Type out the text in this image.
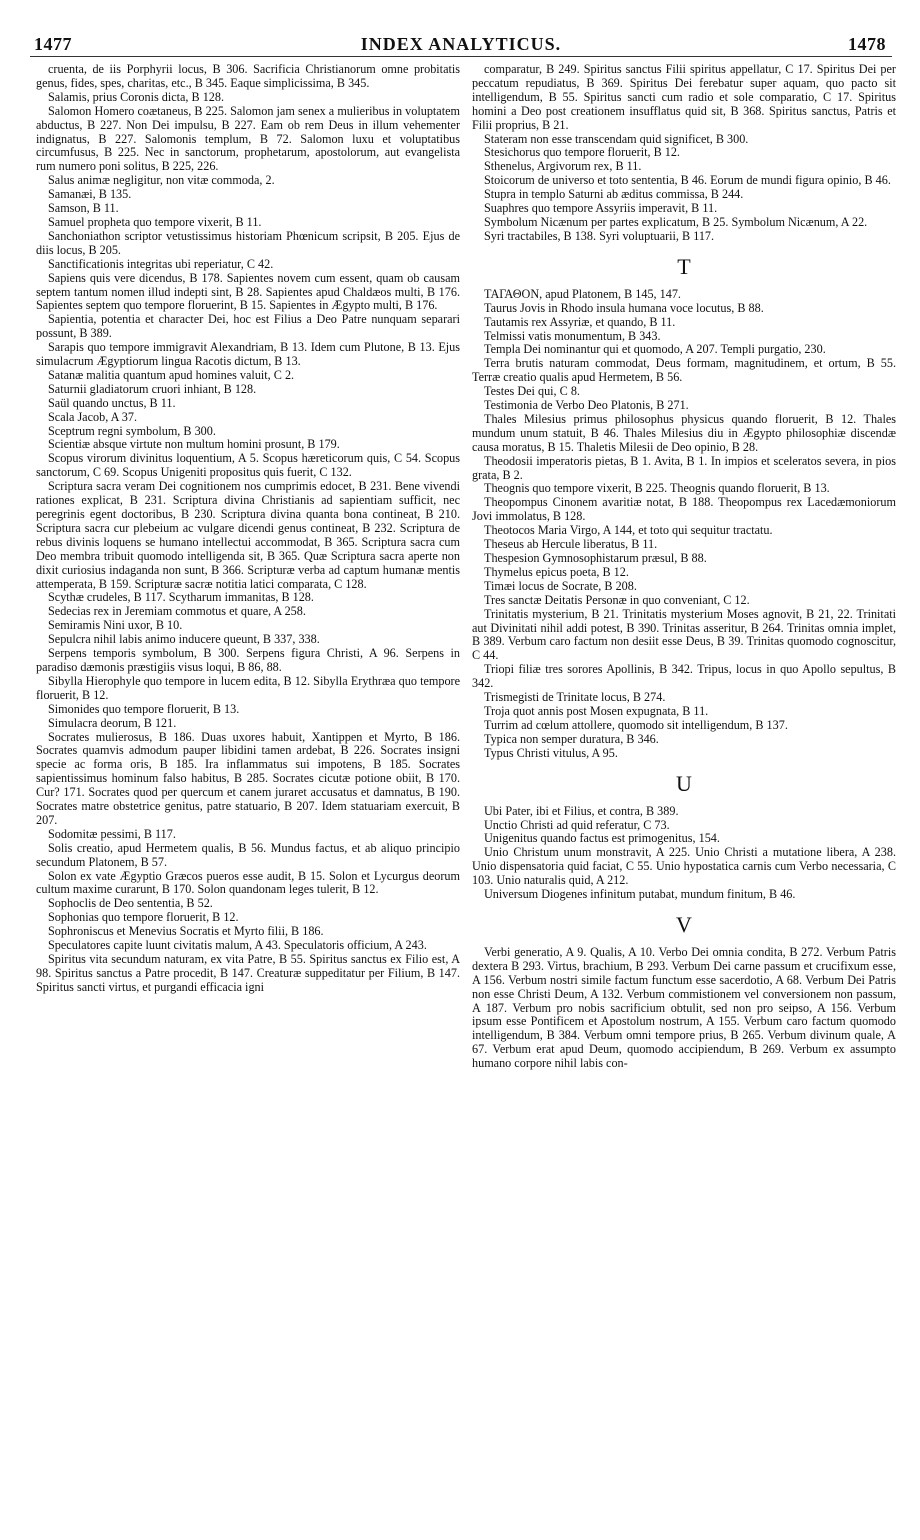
1477	INDEX ANALYTICUS.	1478

cruenta, de iis Porphyrii locus, B 306. Sacrificia Christianorum omne probitatis genus, fides, spes, charitas, etc., B 345. Eaque simplicissima, B 345.

Salamis, prius Coronis dicta, B 128.

Salomon Homero coætaneus, B 225. Salomon jam senex a mulieribus in voluptatem abductus, B 227. Non Dei impulsu, B 227. Eam ob rem Deus in illum vehementer indignatus, B 227. Salomonis templum, B 72. Salomon luxu et voluptatibus circumfusus, B 225. Nec in sanctorum, prophetarum, apostolorum, aut evangelista rum numero poni solitus, B 225, 226.

Salus animæ negligitur, non vitæ commoda, 2.

Samanæi, B 135.

Samson, B 11.

Samuel propheta quo tempore vixerit, B 11.

Sanchoniathon scriptor vetustissimus historiam Phœnicum scripsit, B 205. Ejus de diis locus, B 205.

Sanctificationis integritas ubi reperiatur, C 42.

Sapiens quis vere dicendus, B 178. Sapientes novem cum essent, quam ob causam septem tantum nomen illud indepti sint, B 28. Sapientes apud Chaldæos multi, B 176. Sapientes septem quo tempore floruerint, B 15. Sapientes in Ægypto multi, B 176.

Sapientia, potentia et character Dei, hoc est Filius a Deo Patre nunquam separari possunt, B 389.

Sarapis quo tempore immigravit Alexandriam, B 13. Idem cum Plutone, B 13. Ejus simulacrum Ægyptiorum lingua Racotis dictum, B 13.

Satanæ malitia quantum apud homines valuit, C 2.

Saturnii gladiatorum cruori inhiant, B 128.

Saül quando unctus, B 11.

Scala Jacob, A 37.

Sceptrum regni symbolum, B 300.

Scientiæ absque virtute non multum homini prosunt, B 179.

Scopus virorum divinitus loquentium, A 5. Scopus hæreticorum quis, C 54. Scopus sanctorum, C 69. Scopus Unigeniti propositus quis fuerit, C 132.

Scriptura sacra veram Dei cognitionem nos cumprimis edocet, B 231. Bene vivendi rationes explicat, B 231. Scriptura divina Christianis ad sapientiam sufficit, nec peregrinis egent doctoribus, B 230. Scriptura divina quanta bona contineat, B 210. Scriptura sacra cur plebeium ac vulgare dicendi genus contineat, B 232. Scriptura de rebus divinis loquens se humano intellectui accommodat, B 365. Scriptura sacra cum Deo membra tribuit quomodo intelligenda sit, B 365. Quæ Scriptura sacra aperte non dixit curiosius indaganda non sunt, B 366. Scripturæ verba ad captum humanæ mentis attemperata, B 159. Scripturæ sacræ notitia latici comparata, C 128.

Scythæ crudeles, B 117. Scytharum immanitas, B 128.

Sedecias rex in Jeremiam commotus et quare, A 258.

Semiramis Nini uxor, B 10.

Sepulcra nihil labis animo inducere queunt, B 337, 338.

Serpens temporis symbolum, B 300. Serpens figura Christi, A 96. Serpens in paradiso dæmonis præstigiis visus loqui, B 86, 88.

Sibylla Hierophyle quo tempore in lucem edita, B 12. Sibylla Erythræa quo tempore floruerit, B 12.

Simonides quo tempore floruerit, B 13.

Simulacra deorum, B 121.

Socrates mulierosus, B 186. Duas uxores habuit, Xantippen et Myrto, B 186. Socrates quamvis admodum pauper libidini tamen ardebat, B 226. Socrates insigni specie ac forma oris, B 185. Ira inflammatus sui impotens, B 185. Socrates sapientissimus hominum falso habitus, B 285. Socrates cicutæ potione obiit, B 170. Cur? 171. Socrates quod per quercum et canem juraret accusatus et damnatus, B 190. Socrates matre obstetrice genitus, patre statuario, B 207. Idem statuariam exercuit, B 207.

Sodomitæ pessimi, B 117.

Solis creatio, apud Hermetem qualis, B 56. Mundus factus, et ab aliquo principio secundum Platonem, B 57.

Solon ex vate Ægyptio Græcos pueros esse audit, B 15. Solon et Lycurgus deorum cultum maxime curarunt, B 170. Solon quandonam leges tulerit, B 12.

Sophoclis de Deo sententia, B 52.

Sophonias quo tempore floruerit, B 12.

Sophroniscus et Menevius Socratis et Myrto filii, B 186.

Speculatores capite luunt civitatis malum, A 43. Speculatoris officium, A 243.

Spiritus vita secundum naturam, ex vita Patre, B 55. Spiritus sanctus ex Filio est, A 98. Spiritus sanctus a Patre procedit, B 147. Creaturæ suppeditatur per Filium, B 147. Spiritus sancti virtus, et purgandi efficacia igni

comparatur, B 249. Spiritus sanctus Filii spiritus appellatur, C 17. Spiritus Dei per peccatum repudiatus, B 369. Spiritus Dei ferebatur super aquam, quo pacto sit intelligendum, B 55. Spiritus sancti cum radio et sole comparatio, C 17. Spiritus homini a Deo post creationem insufflatus quid sit, B 368. Spiritus sanctus, Patris et Filii proprius, B 21.

Stateram non esse transcendam quid significet, B 300.

Stesichorus quo tempore floruerit, B 12.

Sthenelus, Argivorum rex, B 11.

Stoicorum de universo et toto sententia, B 46. Eorum de mundi figura opinio, B 46.

Stupra in templo Saturni ab æditus commissa, B 244.

Suaphres quo tempore Assyriis imperavit, B 11.

Symbolum Nicænum per partes explicatum, B 25. Symbolum Nicænum, A 22.

Syri tractabiles, B 138. Syri voluptuarii, B 117.

T

ΤΑΓΑΘΟΝ, apud Platonem, B 145, 147.

Taurus Jovis in Rhodo insula humana voce locutus, B 88.

Tautamis rex Assyriæ, et quando, B 11.

Telmissi vatis monumentum, B 343.

Templa Dei nominantur qui et quomodo, A 207. Templi purgatio, 230.

Terra brutis naturam commodat, Deus formam, magnitudinem, et ortum, B 55. Terræ creatio qualis apud Hermetem, B 56.

Testes Dei qui, C 8.

Testimonia de Verbo Deo Platonis, B 271.

Thales Milesius primus philosophus physicus quando floruerit, B 12. Thales mundum unum statuit, B 46. Thales Milesius diu in Ægypto philosophiæ discendæ causa moratus, B 15. Thaletis Milesii de Deo opinio, B 28.

Theodosii imperatoris pietas, B 1. Avita, B 1. In impios et sceleratos severa, in pios grata, B 2.

Theognis quo tempore vixerit, B 225. Theognis quando floruerit, B 13.

Theopompus Cinonem avaritiæ notat, B 188. Theopompus rex Lacedæmoniorum Jovi immolatus, B 128.

Theotocos Maria Virgo, A 144, et toto qui sequitur tractatu.

Theseus ab Hercule liberatus, B 11.

Thespesion Gymnosophistarum præsul, B 88.

Thymelus epicus poeta, B 12.

Timæi locus de Socrate, B 208.

Tres sanctæ Deitatis Personæ in quo conveniant, C 12.

Trinitatis mysterium, B 21. Trinitatis mysterium Moses agnovit, B 21, 22. Trinitati aut Divinitati nihil addi potest, B 390. Trinitas asseritur, B 264. Trinitas omnia implet, B 389. Verbum caro factum non desiit esse Deus, B 39. Trinitas quomodo cognoscitur, C 44.

Triopi filiæ tres sorores Apollinis, B 342. Tripus, locus in quo Apollo sepultus, B 342.

Trismegisti de Trinitate locus, B 274.

Troja quot annis post Mosen expugnata, B 11.

Turrim ad cœlum attollere, quomodo sit intelligendum, B 137.

Typica non semper duratura, B 346.

Typus Christi vitulus, A 95.

U

Ubi Pater, ibi et Filius, et contra, B 389.

Unctio Christi ad quid referatur, C 73.

Unigenitus quando factus est primogenitus, 154.

Unio Christum unum monstravit, A 225. Unio Christi a mutatione libera, A 238. Unio dispensatoria quid faciat, C 55. Unio hypostatica carnis cum Verbo necessaria, C 103. Unio naturalis quid, A 212.

Universum Diogenes infinitum putabat, mundum finitum, B 46.

V

Verbi generatio, A 9. Qualis, A 10. Verbo Dei omnia condita, B 272. Verbum Patris dextera B 293. Virtus, brachium, B 293. Verbum Dei carne passum et crucifixum esse, A 156. Verbum nostri simile factum functum esse sacerdotio, A 68. Verbum Dei Patris non esse Christi Deum, A 132. Verbum commistionem vel conversionem non passum, A 187. Verbum pro nobis sacrificium obtulit, sed non pro seipso, A 156. Verbum ipsum esse Pontificem et Apostolum nostrum, A 155. Verbum caro factum quomodo intelligendum, B 384. Verbum omni tempore prius, B 265. Verbum divinum quale, A 67. Verbum erat apud Deum, quomodo accipiendum, B 269. Verbum ex assumpto humano corpore nihil labis con-
